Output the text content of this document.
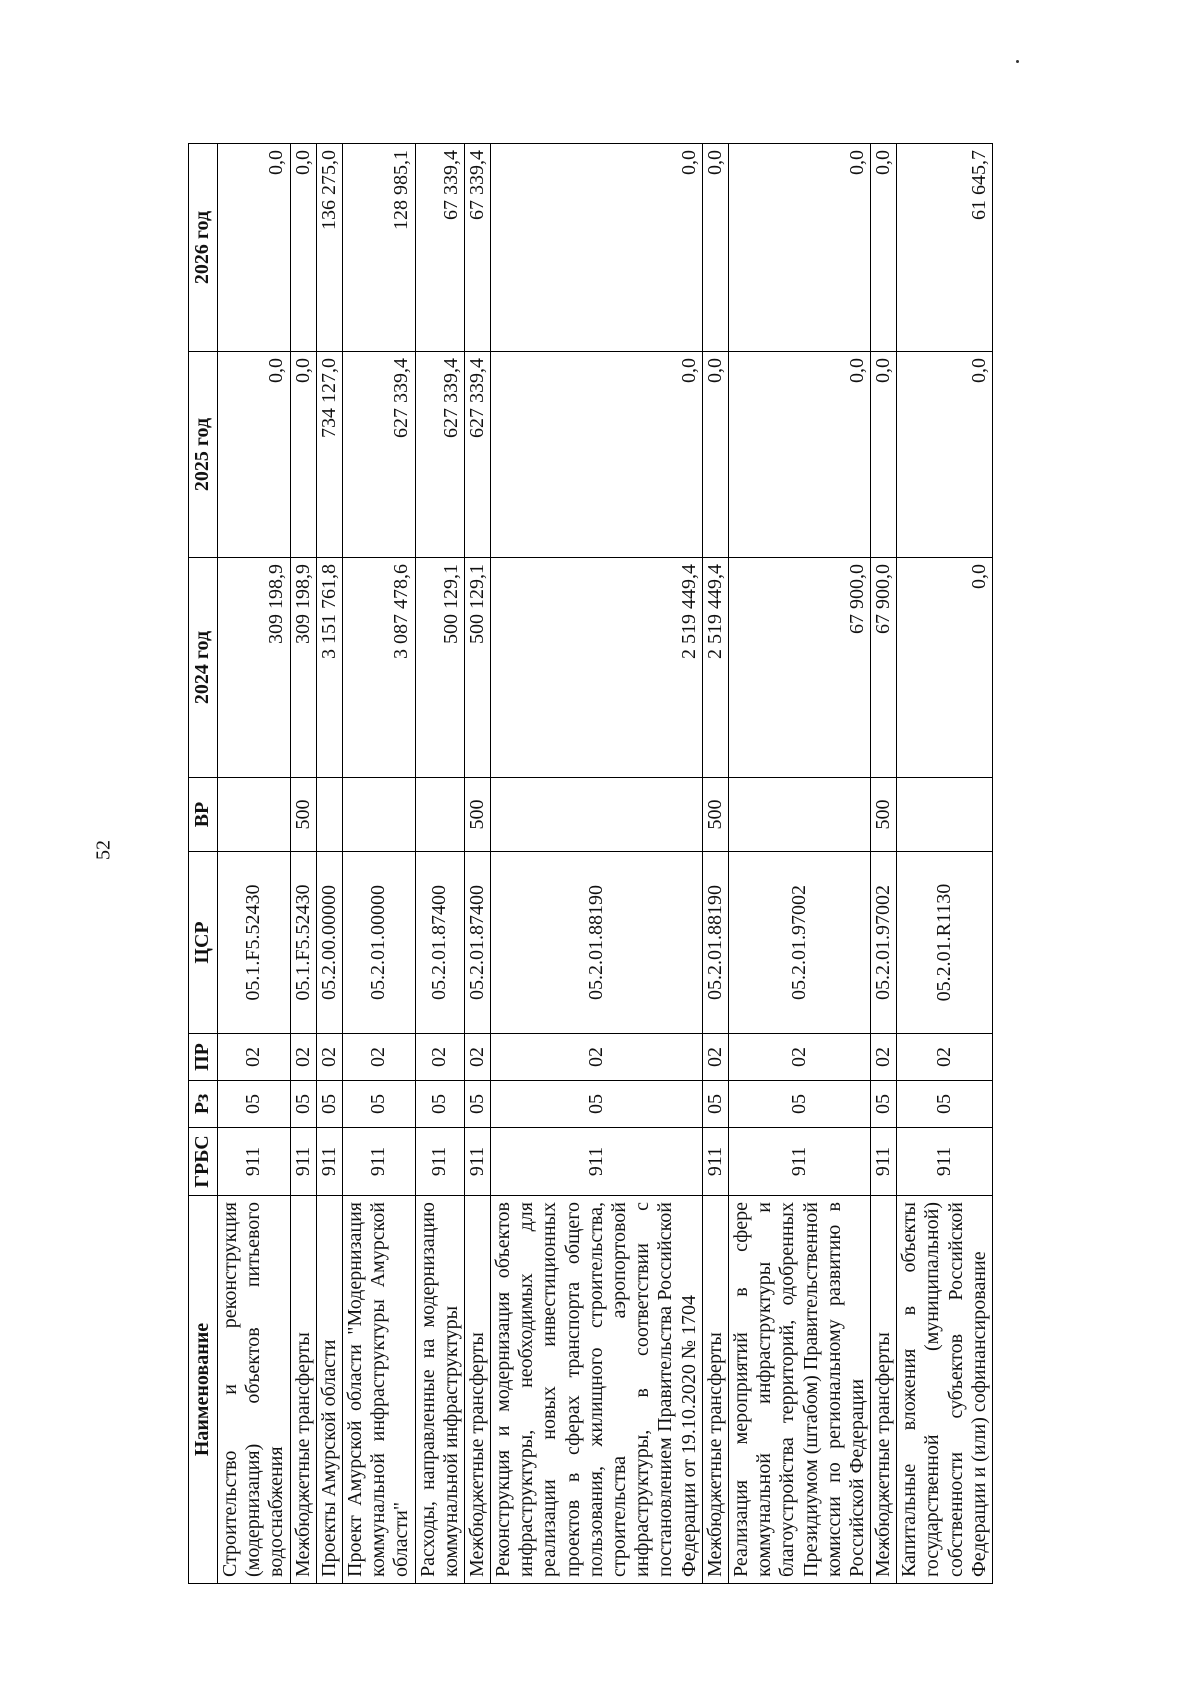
52
Наименование	ГРБС	Рз	ПР	ЦСР	ВР	2024 год	2025 год	2026 год
Строительство и реконструкция (модернизация) объектов питьевого водоснабжения	911	05	02	05.1.F5.52430		309 198,9	0,0	0,0
Межбюджетные трансферты	911	05	02	05.1.F5.52430	500	309 198,9	0,0	0,0
Проекты Амурской области	911	05	02	05.2.00.00000		3 151 761,8	734 127,0	136 275,0
Проект Амурской области "Модернизация коммунальной инфраструктуры Амурской области"	911	05	02	05.2.01.00000		3 087 478,6	627 339,4	128 985,1
Расходы, направленные на модернизацию коммунальной инфраструктуры	911	05	02	05.2.01.87400		500 129,1	627 339,4	67 339,4
Межбюджетные трансферты	911	05	02	05.2.01.87400	500	500 129,1	627 339,4	67 339,4
Реконструкция и модернизация объектов инфраструктуры, необходимых для реализации новых инвестиционных проектов в сферах транспорта общего пользования, жилищного строительства, строительства аэропортовой инфраструктуры, в соответствии с постановлением Правительства Российской Федерации от 19.10.2020 № 1704	911	05	02	05.2.01.88190		2 519 449,4	0,0	0,0
Межбюджетные трансферты	911	05	02	05.2.01.88190	500	2 519 449,4	0,0	0,0
Реализация мероприятий в сфере коммунальной инфраструктуры и благоустройства территорий, одобренных Президиумом (штабом) Правительственной комиссии по региональному развитию в Российской Федерации	911	05	02	05.2.01.97002		67 900,0	0,0	0,0
Межбюджетные трансферты	911	05	02	05.2.01.97002	500	67 900,0	0,0	0,0
Капитальные вложения в объекты государственной (муниципальной) собственности субъектов Российской Федерации и (или) софинансирование	911	05	02	05.2.01.R1130		0,0	0,0	61 645,7
